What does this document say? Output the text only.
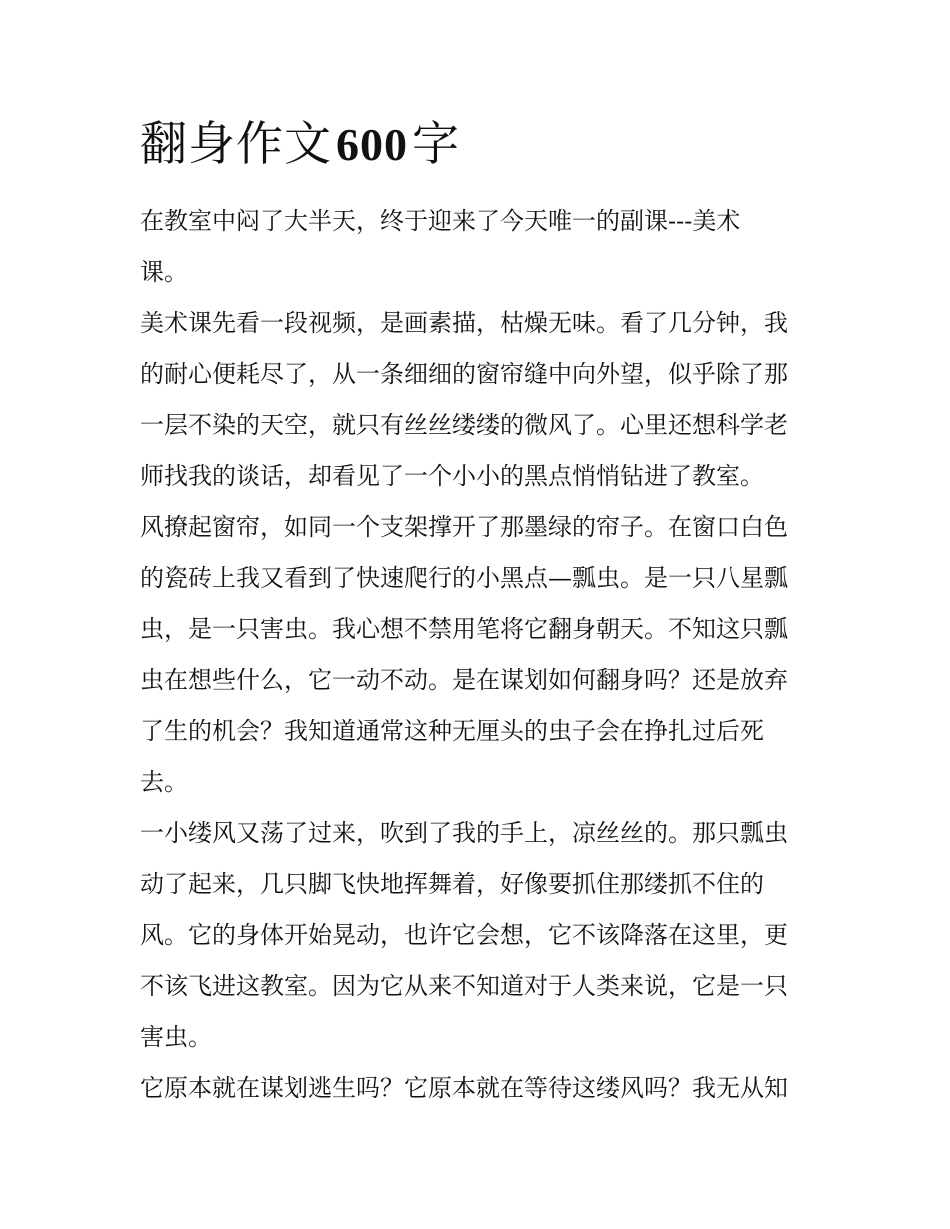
翻身作文600字
在教室中闷了大半天，终于迎来了今天唯一的副课---美术
课。
美术课先看一段视频，是画素描，枯燥无味。看了几分钟，我
的耐心便耗尽了，从一条细细的窗帘缝中向外望，似乎除了那
一层不染的天空，就只有丝丝缕缕的微风了。心里还想科学老
师找我的谈话，却看见了一个小小的黑点悄悄钻进了教室。
风撩起窗帘，如同一个支架撑开了那墨绿的帘子。在窗口白色
的瓷砖上我又看到了快速爬行的小黑点—瓢虫。是一只八星瓢
虫，是一只害虫。我心想不禁用笔将它翻身朝天。不知这只瓢
虫在想些什么，它一动不动。是在谋划如何翻身吗？还是放弃
了生的机会？我知道通常这种无厘头的虫子会在挣扎过后死
去。
一小缕风又荡了过来，吹到了我的手上，凉丝丝的。那只瓢虫
动了起来，几只脚飞快地挥舞着，好像要抓住那缕抓不住的
风。它的身体开始晃动，也许它会想，它不该降落在这里，更
不该飞进这教室。因为它从来不知道对于人类来说，它是一只
害虫。
它原本就在谋划逃生吗？它原本就在等待这缕风吗？我无从知
